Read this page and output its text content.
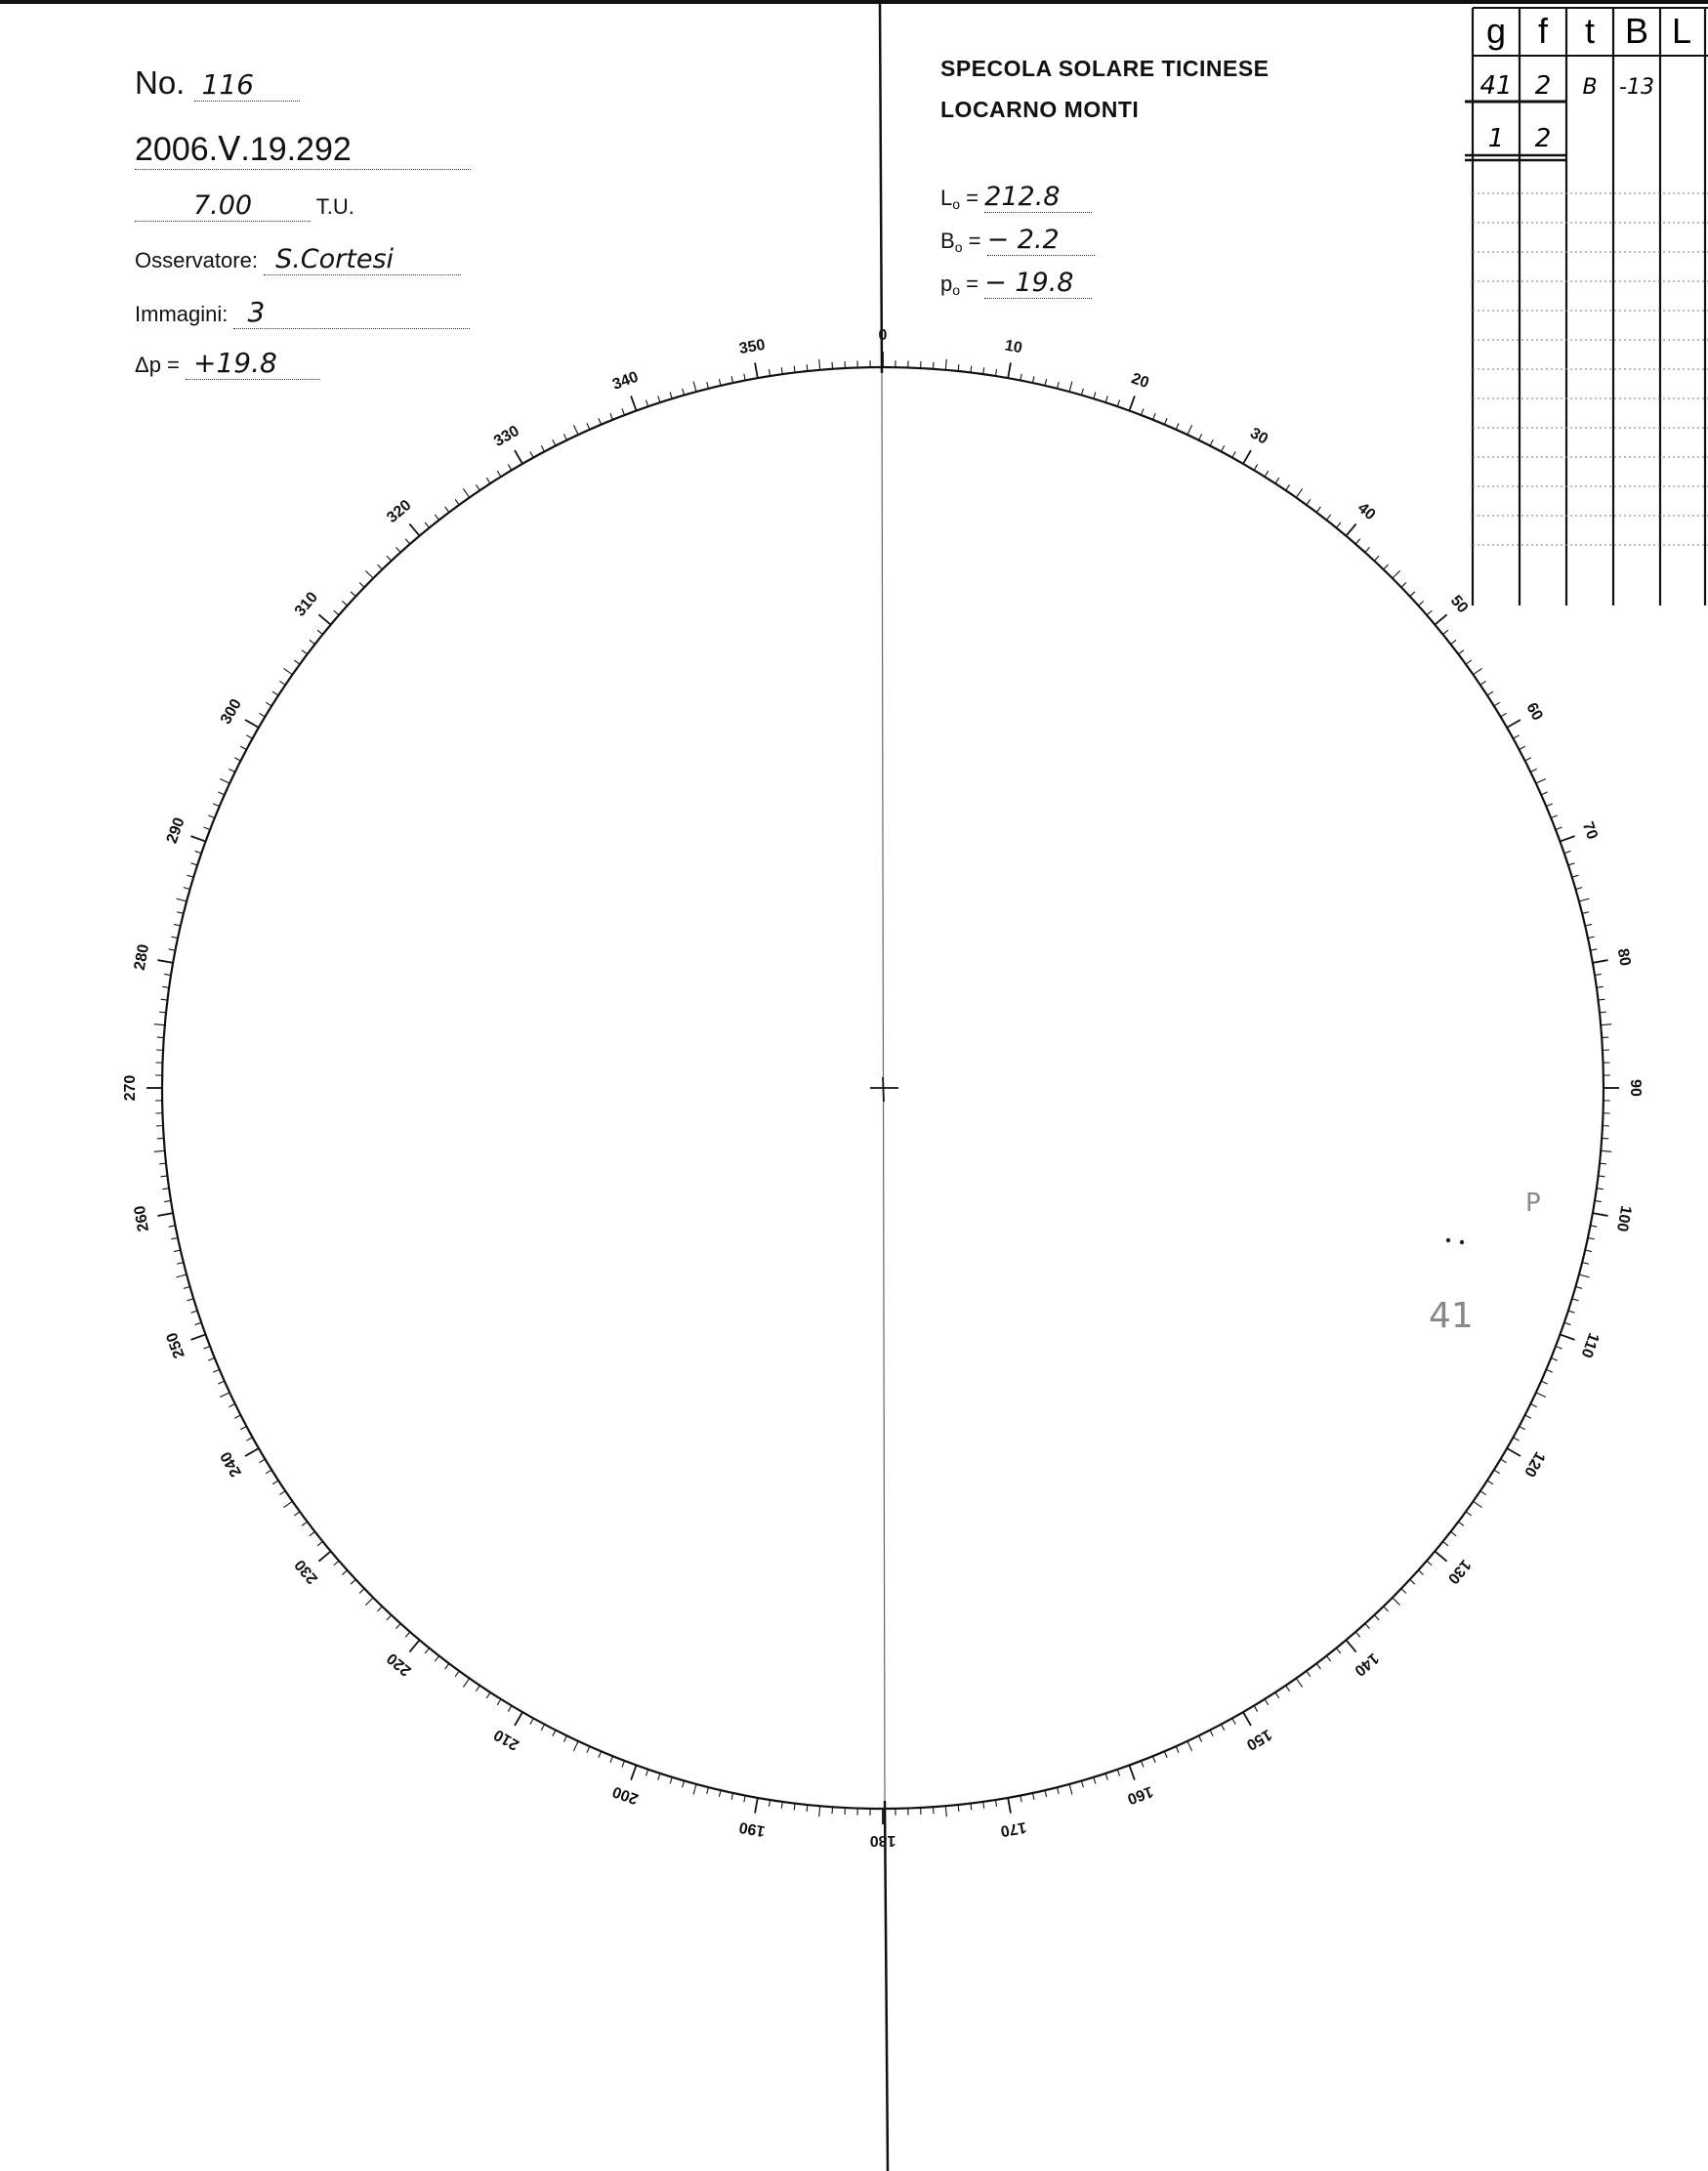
No. 116
2006.Ⅴ.19.292
7.00	T.U.
Osservatore: S.Cortesi
Immagini: 3
Δp = +19.8
SPECOLA SOLARE TICINESE
LOCARNO MONTI
$L_o = 212.8$
$B_o$ = − 2.2
$p_o$ = − 19.8
0
10
20
30
40
50
60
70
80
90
100
110
120
130
140
150
160
170
180
190
200
210
220
230
240
250
260
270
280
290
300
310
320
330
340
350
g f t B L
41 2 B -13
1 2
41
P
